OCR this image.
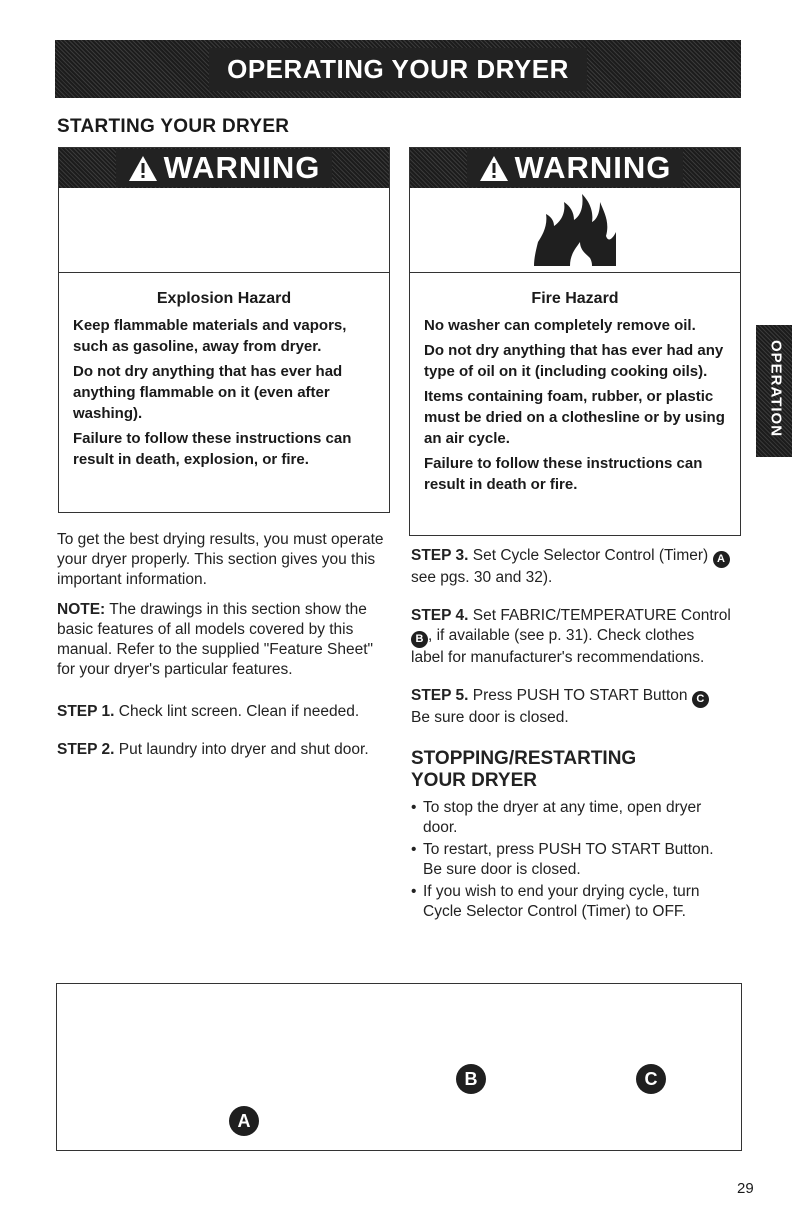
OPERATING YOUR DRYER
STARTING YOUR DRYER
WARNING
Explosion Hazard

Keep flammable materials and vapors, such as gasoline, away from dryer.

Do not dry anything that has ever had anything flammable on it (even after washing).

Failure to follow these instructions can result in death, explosion, or fire.

WARNING
Fire Hazard

No washer can completely remove oil.

Do not dry anything that has ever had any type of oil on it (including cooking oils).

Items containing foam, rubber, or plastic must be dried on a clothesline or by using an air cycle.

Failure to follow these instructions can result in death or fire.

OPERATION

To get the best drying results, you must operate your dryer properly. This section gives you this important information.

NOTE: The drawings in this section show the basic features of all models covered by this manual. Refer to the supplied "Feature Sheet" for your dryer's particular features.

STEP 1. Check lint screen. Clean if needed.

STEP 2. Put laundry into dryer and shut door.

STEP 3. Set Cycle Selector Control (Timer) A see pgs. 30 and 32).

STEP 4. Set FABRIC/TEMPERATURE Control B , if available (see p. 31). Check clothes label for manufacturer's recommendations.

STEP 5. Press PUSH TO START Button C Be sure door is closed.

STOPPING/RESTARTING
YOUR DRYER
• To stop the dryer at any time, open dryer door.
• To restart, press PUSH TO START Button. Be sure door is closed.
• If you wish to end your drying cycle, turn Cycle Selector Control (Timer) to OFF.
A
B	C
29
